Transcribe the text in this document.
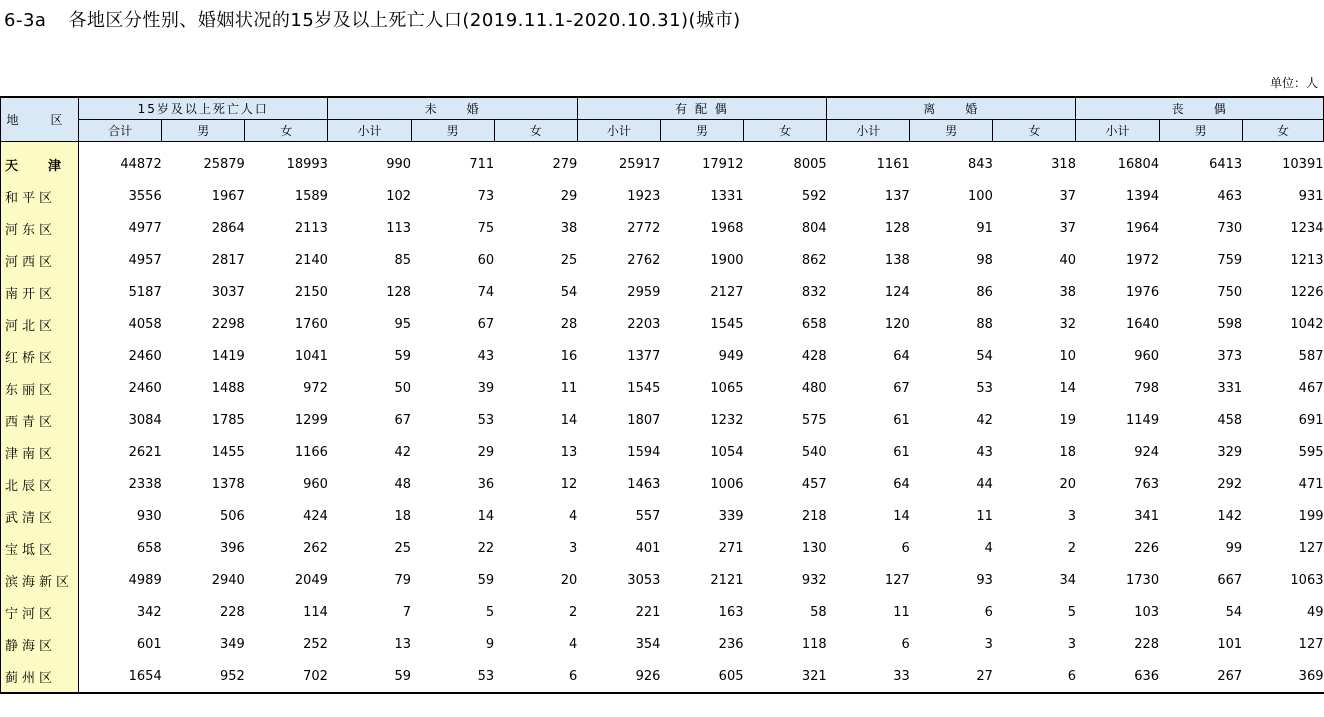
6-3a 各地区分性别、婚姻状况的15岁及以上死亡人口(2019.11.1-2020.10.31)(城市)
单位：人
地　区	15岁及以上死亡人口			未　　婚			有 配 偶			离　　婚			丧　　偶		
	合计	男	女	小计	男	女	小计	男	女	小计	男	女	小计	男	女
天津	44872	25879	18993	990	711	279	25917	17912	8005	1161	843	318	16804	6413	10391
和平区	3556	1967	1589	102	73	29	1923	1331	592	137	100	37	1394	463	931
河东区	4977	2864	2113	113	75	38	2772	1968	804	128	91	37	1964	730	1234
河西区	4957	2817	2140	85	60	25	2762	1900	862	138	98	40	1972	759	1213
南开区	5187	3037	2150	128	74	54	2959	2127	832	124	86	38	1976	750	1226
河北区	4058	2298	1760	95	67	28	2203	1545	658	120	88	32	1640	598	1042
红桥区	2460	1419	1041	59	43	16	1377	949	428	64	54	10	960	373	587
东丽区	2460	1488	972	50	39	11	1545	1065	480	67	53	14	798	331	467
西青区	3084	1785	1299	67	53	14	1807	1232	575	61	42	19	1149	458	691
津南区	2621	1455	1166	42	29	13	1594	1054	540	61	43	18	924	329	595
北辰区	2338	1378	960	48	36	12	1463	1006	457	64	44	20	763	292	471
武清区	930	506	424	18	14	4	557	339	218	14	11	3	341	142	199
宝坻区	658	396	262	25	22	3	401	271	130	6	4	2	226	99	127
滨海新区	4989	2940	2049	79	59	20	3053	2121	932	127	93	34	1730	667	1063
宁河区	342	228	114	7	5	2	221	163	58	11	6	5	103	54	49
静海区	601	349	252	13	9	4	354	236	118	6	3	3	228	101	127
蓟州区	1654	952	702	59	53	6	926	605	321	33	27	6	636	267	369
